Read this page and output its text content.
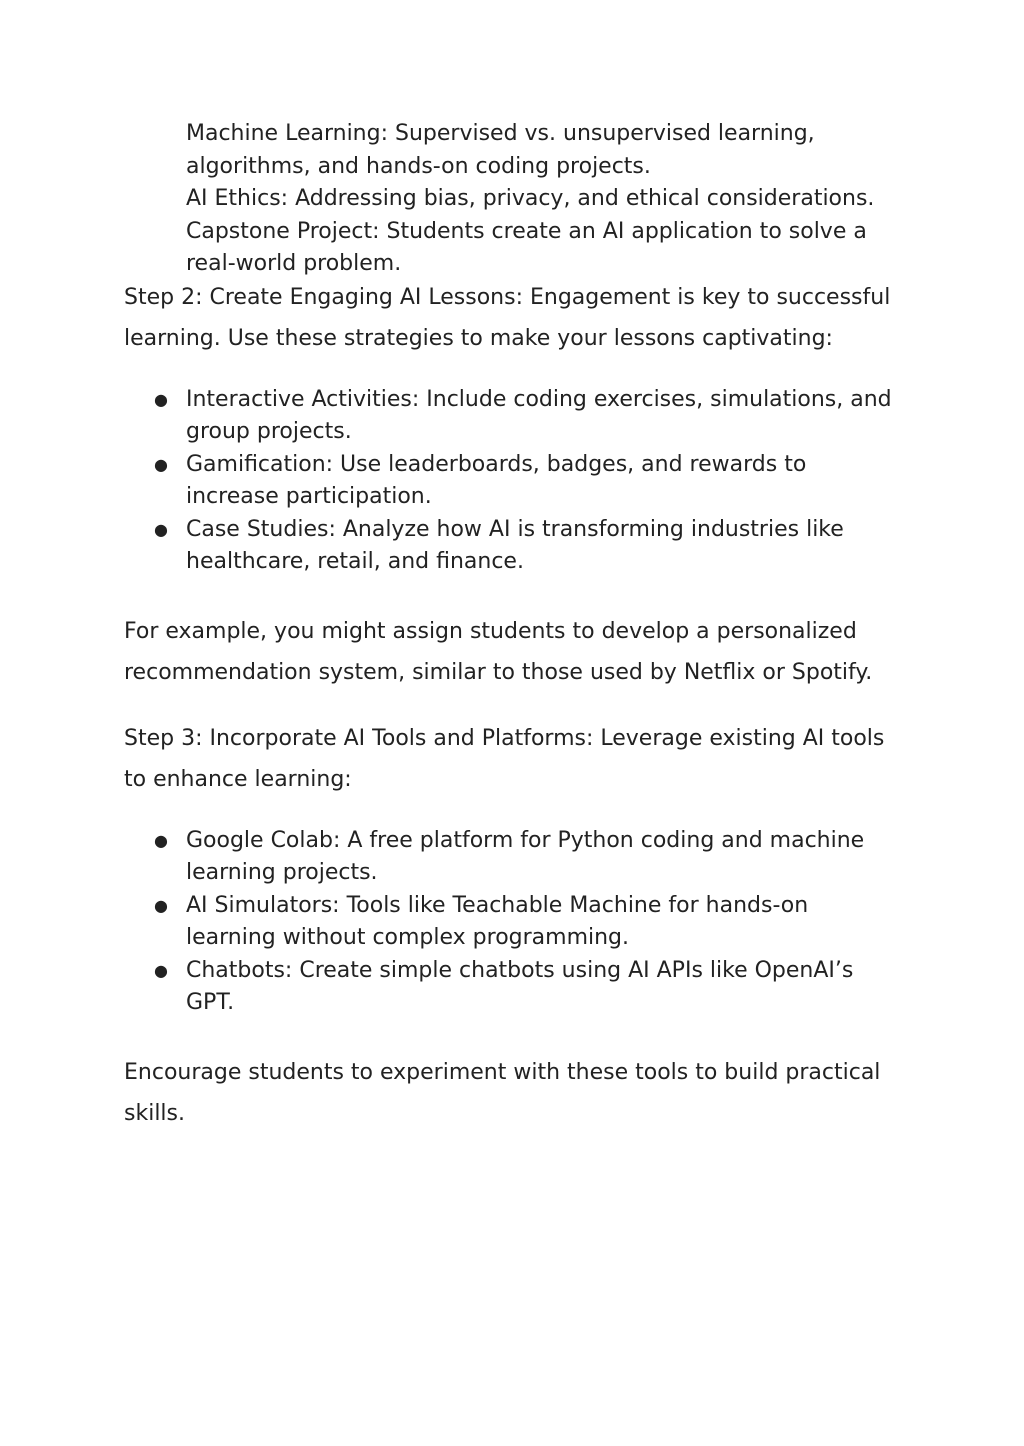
Machine Learning: Supervised vs. unsupervised learning, algorithms, and hands-on coding projects.
AI Ethics: Addressing bias, privacy, and ethical considerations.
Capstone Project: Students create an AI application to solve a real-world problem.

Step 2: Create Engaging AI Lessons: Engagement is key to successful learning. Use these strategies to make your lessons captivating:

● Interactive Activities: Include coding exercises, simulations, and group projects.
● Gamification: Use leaderboards, badges, and rewards to increase participation.
● Case Studies: Analyze how AI is transforming industries like healthcare, retail, and finance.

For example, you might assign students to develop a personalized recommendation system, similar to those used by Netflix or Spotify.

Step 3: Incorporate AI Tools and Platforms: Leverage existing AI tools to enhance learning:

● Google Colab: A free platform for Python coding and machine learning projects.
● AI Simulators: Tools like Teachable Machine for hands-on learning without complex programming.
● Chatbots: Create simple chatbots using AI APIs like OpenAI’s GPT.

Encourage students to experiment with these tools to build practical skills.
